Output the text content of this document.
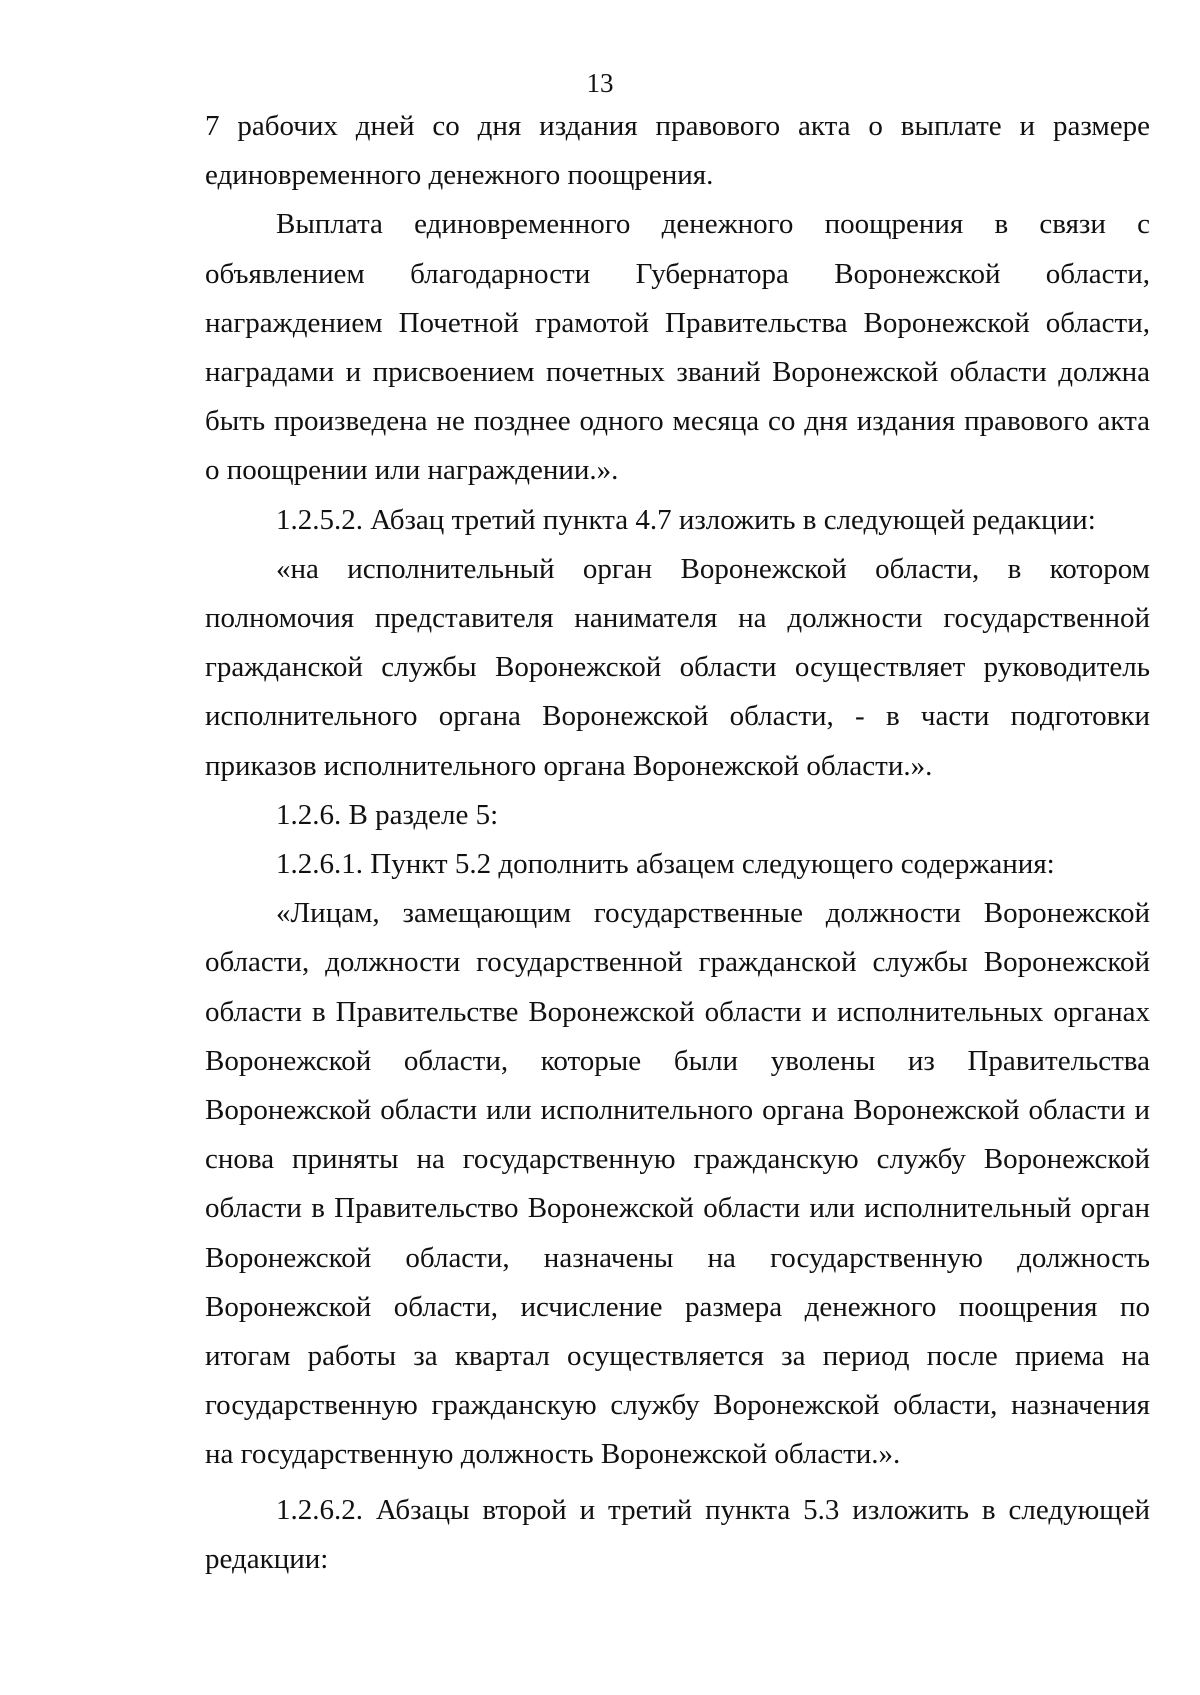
13

7 рабочих дней со дня издания правового акта о выплате и размере единовременного денежного поощрения.

Выплата единовременного денежного поощрения в связи с объявлением благодарности Губернатора Воронежской области, награждением Почетной грамотой Правительства Воронежской области, наградами и присвоением почетных званий Воронежской области должна быть произведена не позднее одного месяца со дня издания правового акта о поощрении или награждении.».

1.2.5.2. Абзац третий пункта 4.7 изложить в следующей редакции:

«на исполнительный орган Воронежской области, в котором полномочия представителя нанимателя на должности государственной гражданской службы Воронежской области осуществляет руководитель исполнительного органа Воронежской области, - в части подготовки приказов исполнительного органа Воронежской области.».

1.2.6. В разделе 5:

1.2.6.1. Пункт 5.2 дополнить абзацем следующего содержания:

«Лицам, замещающим государственные должности Воронежской области, должности государственной гражданской службы Воронежской области в Правительстве Воронежской области и исполнительных органах Воронежской области, которые были уволены из Правительства Воронежской области или исполнительного органа Воронежской области и снова приняты на государственную гражданскую службу Воронежской области в Правительство Воронежской области или исполнительный орган Воронежской области, назначены на государственную должность Воронежской области, исчисление размера денежного поощрения по итогам работы за квартал осуществляется за период после приема на государственную гражданскую службу Воронежской области, назначения на государственную должность Воронежской области.».

1.2.6.2. Абзацы второй и третий пункта 5.3 изложить в следующей редакции:
